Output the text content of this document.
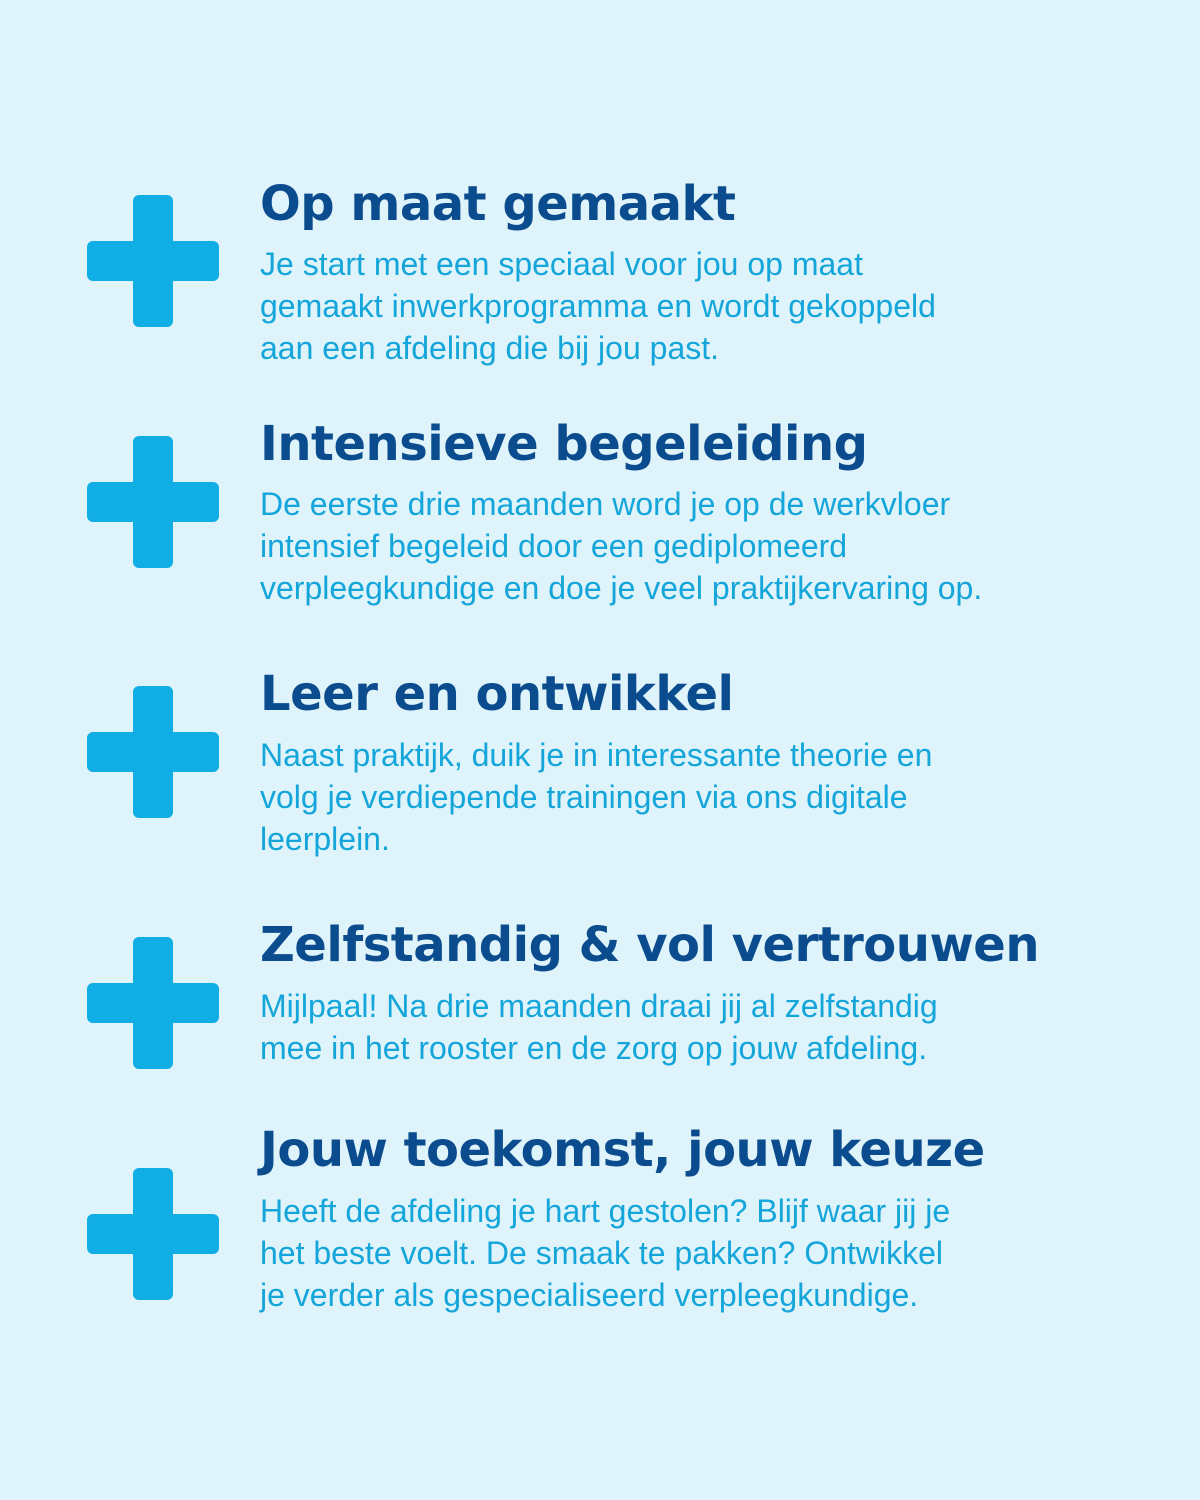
Op maat gemaakt

Je start met een speciaal voor jou op maat
gemaakt inwerkprogramma en wordt gekoppeld
aan een afdeling die bij jou past.

Intensieve begeleiding

De eerste drie maanden word je op de werkvloer
intensief begeleid door een gediplomeerd
verpleegkundige en doe je veel praktijkervaring op.

Leer en ontwikkel

Naast praktijk, duik je in interessante theorie en
volg je verdiepende trainingen via ons digitale
leerplein.

Zelfstandig & vol vertrouwen

Mijlpaal! Na drie maanden draai jij al zelfstandig
mee in het rooster en de zorg op jouw afdeling.

Jouw toekomst, jouw keuze

Heeft de afdeling je hart gestolen? Blijf waar jij je
het beste voelt. De smaak te pakken? Ontwikkel
je verder als gespecialiseerd verpleegkundige.
